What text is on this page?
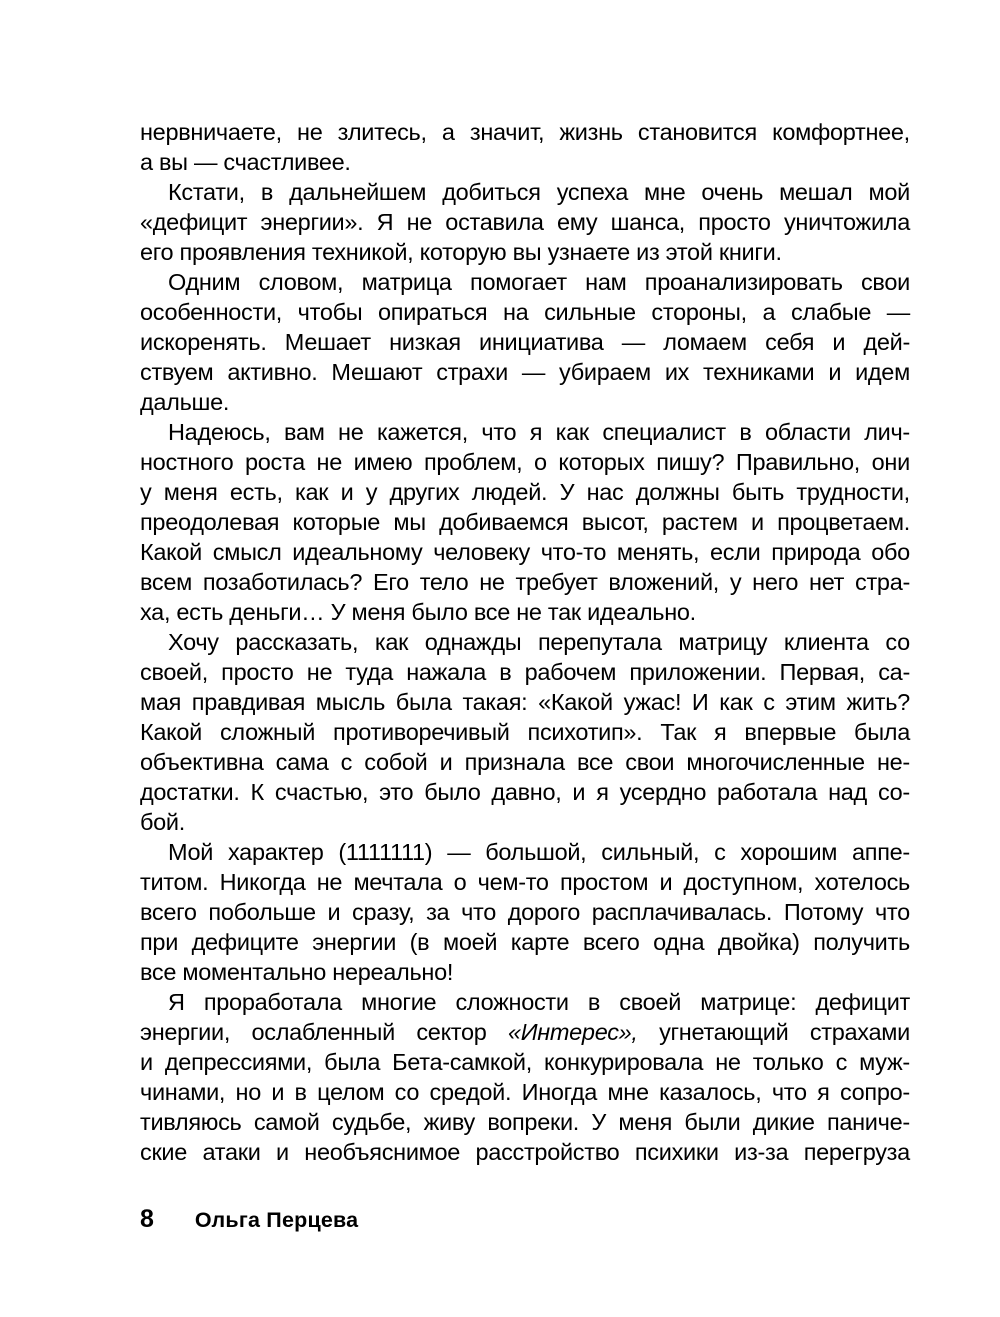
нервничаете, не злитесь, а значит, жизнь становится комфортнее,
а вы — счастливее.
Кстати, в дальнейшем добиться успеха мне очень мешал мой
«дефицит энергии». Я не оставила ему шанса, просто уничтожила
его проявления техникой, которую вы узнаете из этой книги.
Одним словом, матрица помогает нам проанализировать свои
особенности, чтобы опираться на сильные стороны, а слабые —
искоренять. Мешает низкая инициатива — ломаем себя и дей-
ствуем активно. Мешают страхи — убираем их техниками и идем
дальше.
Надеюсь, вам не кажется, что я как специалист в области лич-
ностного роста не имею проблем, о которых пишу? Правильно, они
у меня есть, как и у других людей. У нас должны быть трудности,
преодолевая которые мы добиваемся высот, растем и процветаем.
Какой смысл идеальному человеку что-то менять, если природа обо
всем позаботилась? Его тело не требует вложений, у него нет стра-
ха, есть деньги… У меня было все не так идеально.
Хочу рассказать, как однажды перепутала матрицу клиента со
своей, просто не туда нажала в рабочем приложении. Первая, са-
мая правдивая мысль была такая: «Какой ужас! И как с этим жить?
Какой сложный противоречивый психотип». Так я впервые была
объективна сама с собой и признала все свои многочисленные не-
достатки. К счастью, это было давно, и я усердно работала над со-
бой.
Мой характер (1111111) — большой, сильный, с хорошим аппе-
титом. Никогда не мечтала о чем-то простом и доступном, хотелось
всего побольше и сразу, за что дорого расплачивалась. Потому что
при дефиците энергии (в моей карте всего одна двойка) получить
все моментально нереально!
Я проработала многие сложности в своей матрице: дефицит
энергии, ослабленный сектор «Интерес», угнетающий страхами
и депрессиями, была Бета-самкой, конкурировала не только с муж-
чинами, но и в целом со средой. Иногда мне казалось, что я сопро-
тивляюсь самой судьбе, живу вопреки. У меня были дикие паниче-
ские атаки и необъяснимое расстройство психики из-за перегруза
8 Ольга Перцева
